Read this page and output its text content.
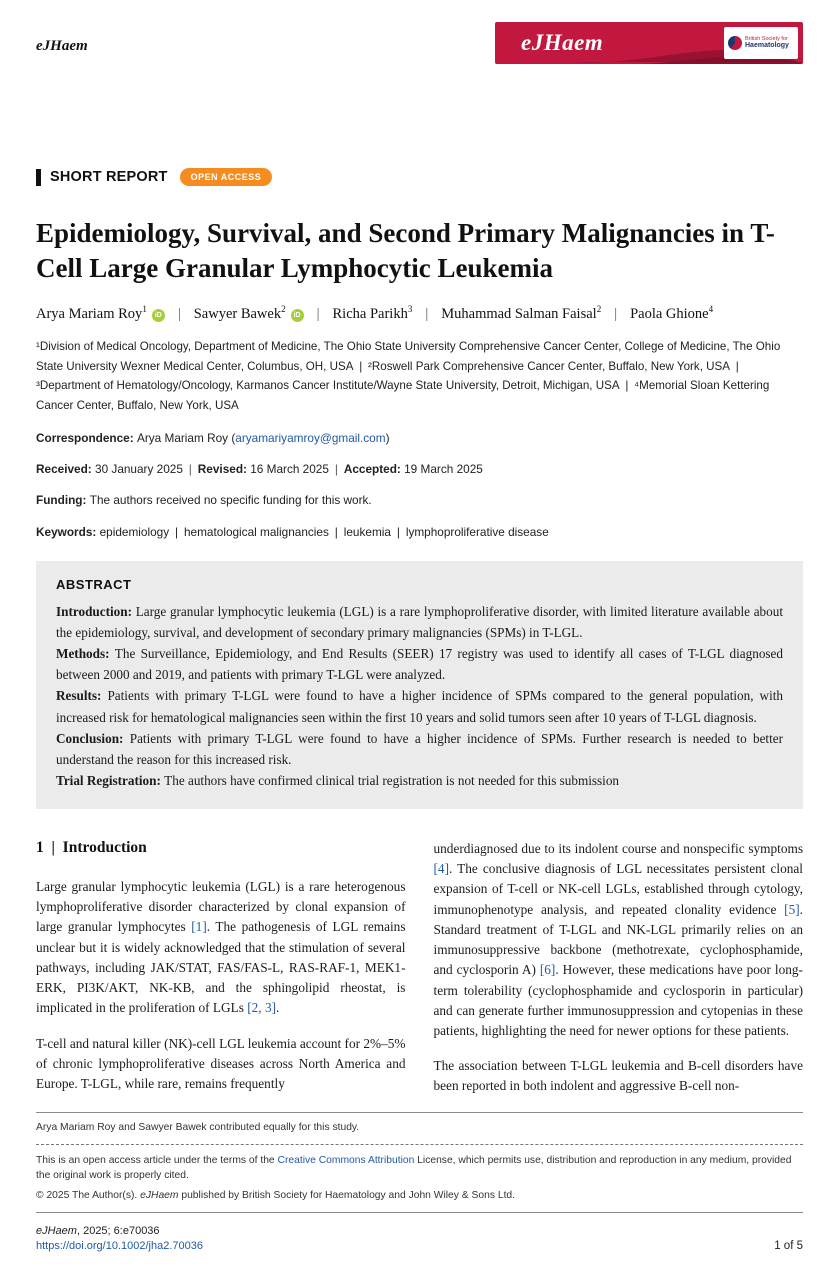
eJHaem	eJHaem	British Society for
Haematology
SHORT REPORT	OPEN ACCESS
Epidemiology, Survival, and Second Primary Malignancies in T-Cell Large Granular Lymphocytic Leukemia
Arya Mariam Roy$^1$iD | Sawyer Bawek$^2$iD | Richa Parikh$^3$ | Muhammad Salman Faisal$^2$ | Paola Ghione$^4$

¹Division of Medical Oncology, Department of Medicine, The Ohio State University Comprehensive Cancer Center, College of Medicine, The Ohio State University Wexner Medical Center, Columbus, OH, USA | ²Roswell Park Comprehensive Cancer Center, Buffalo, New York, USA | ³Department of Hematology/Oncology, Karmanos Cancer Institute/Wayne State University, Detroit, Michigan, USA | ⁴Memorial Sloan Kettering Cancer Center, Buffalo, New York, USA

Correspondence: Arya Mariam Roy (aryamariyamroy@gmail.com)

Received: 30 January 2025 | Revised: 16 March 2025 | Accepted: 19 March 2025

Funding: The authors received no specific funding for this work.

Keywords: epidemiology | hematological malignancies | leukemia | lymphoproliferative disease

ABSTRACT

Introduction: Large granular lymphocytic leukemia (LGL) is a rare lymphoproliferative disorder, with limited literature available about the epidemiology, survival, and development of secondary primary malignancies (SPMs) in T-LGL.

Methods: The Surveillance, Epidemiology, and End Results (SEER) 17 registry was used to identify all cases of T-LGL diagnosed between 2000 and 2019, and patients with primary T-LGL were analyzed.

Results: Patients with primary T-LGL were found to have a higher incidence of SPMs compared to the general population, with increased risk for hematological malignancies seen within the first 10 years and solid tumors seen after 10 years of T-LGL diagnosis.

Conclusion: Patients with primary T-LGL were found to have a higher incidence of SPMs. Further research is needed to better understand the reason for this increased risk.

Trial Registration: The authors have confirmed clinical trial registration is not needed for this submission

1 | Introduction

Large granular lymphocytic leukemia (LGL) is a rare heterogenous lymphoproliferative disorder characterized by clonal expansion of large granular lymphocytes [1]. The pathogenesis of LGL remains unclear but it is widely acknowledged that the stimulation of several pathways, including JAK/STAT, FAS/FAS-L, RAS-RAF-1, MEK1-ERK, PI3K/AKT, NK-KB, and the sphingolipid rheostat, is implicated in the proliferation of LGLs [2, 3].

T-cell and natural killer (NK)-cell LGL leukemia account for 2%–5% of chronic lymphoproliferative diseases across North America and Europe. T-LGL, while rare, remains frequently

underdiagnosed due to its indolent course and nonspecific symptoms [4]. The conclusive diagnosis of LGL necessitates persistent clonal expansion of T-cell or NK-cell LGLs, established through cytology, immunophenotype analysis, and repeated clonality evidence [5]. Standard treatment of T-LGL and NK-LGL primarily relies on an immunosuppressive backbone (methotrexate, cyclophosphamide, and cyclosporin A) [6]. However, these medications have poor long-term tolerability (cyclophosphamide and cyclosporin in particular) and can generate further immunosuppression and cytopenias in these patients, highlighting the need for newer options for these patients.

The association between T-LGL leukemia and B-cell disorders have been reported in both indolent and aggressive B-cell non-

Arya Mariam Roy and Sawyer Bawek contributed equally for this study.

This is an open access article under the terms of the Creative Commons Attribution License, which permits use, distribution and reproduction in any medium, provided the original work is properly cited.

© 2025 The Author(s). eJHaem published by British Society for Haematology and John Wiley & Sons Ltd.

eJHaem, 2025; 6:e70036

https://doi.org/10.1002/jha2.70036	1 of 5
